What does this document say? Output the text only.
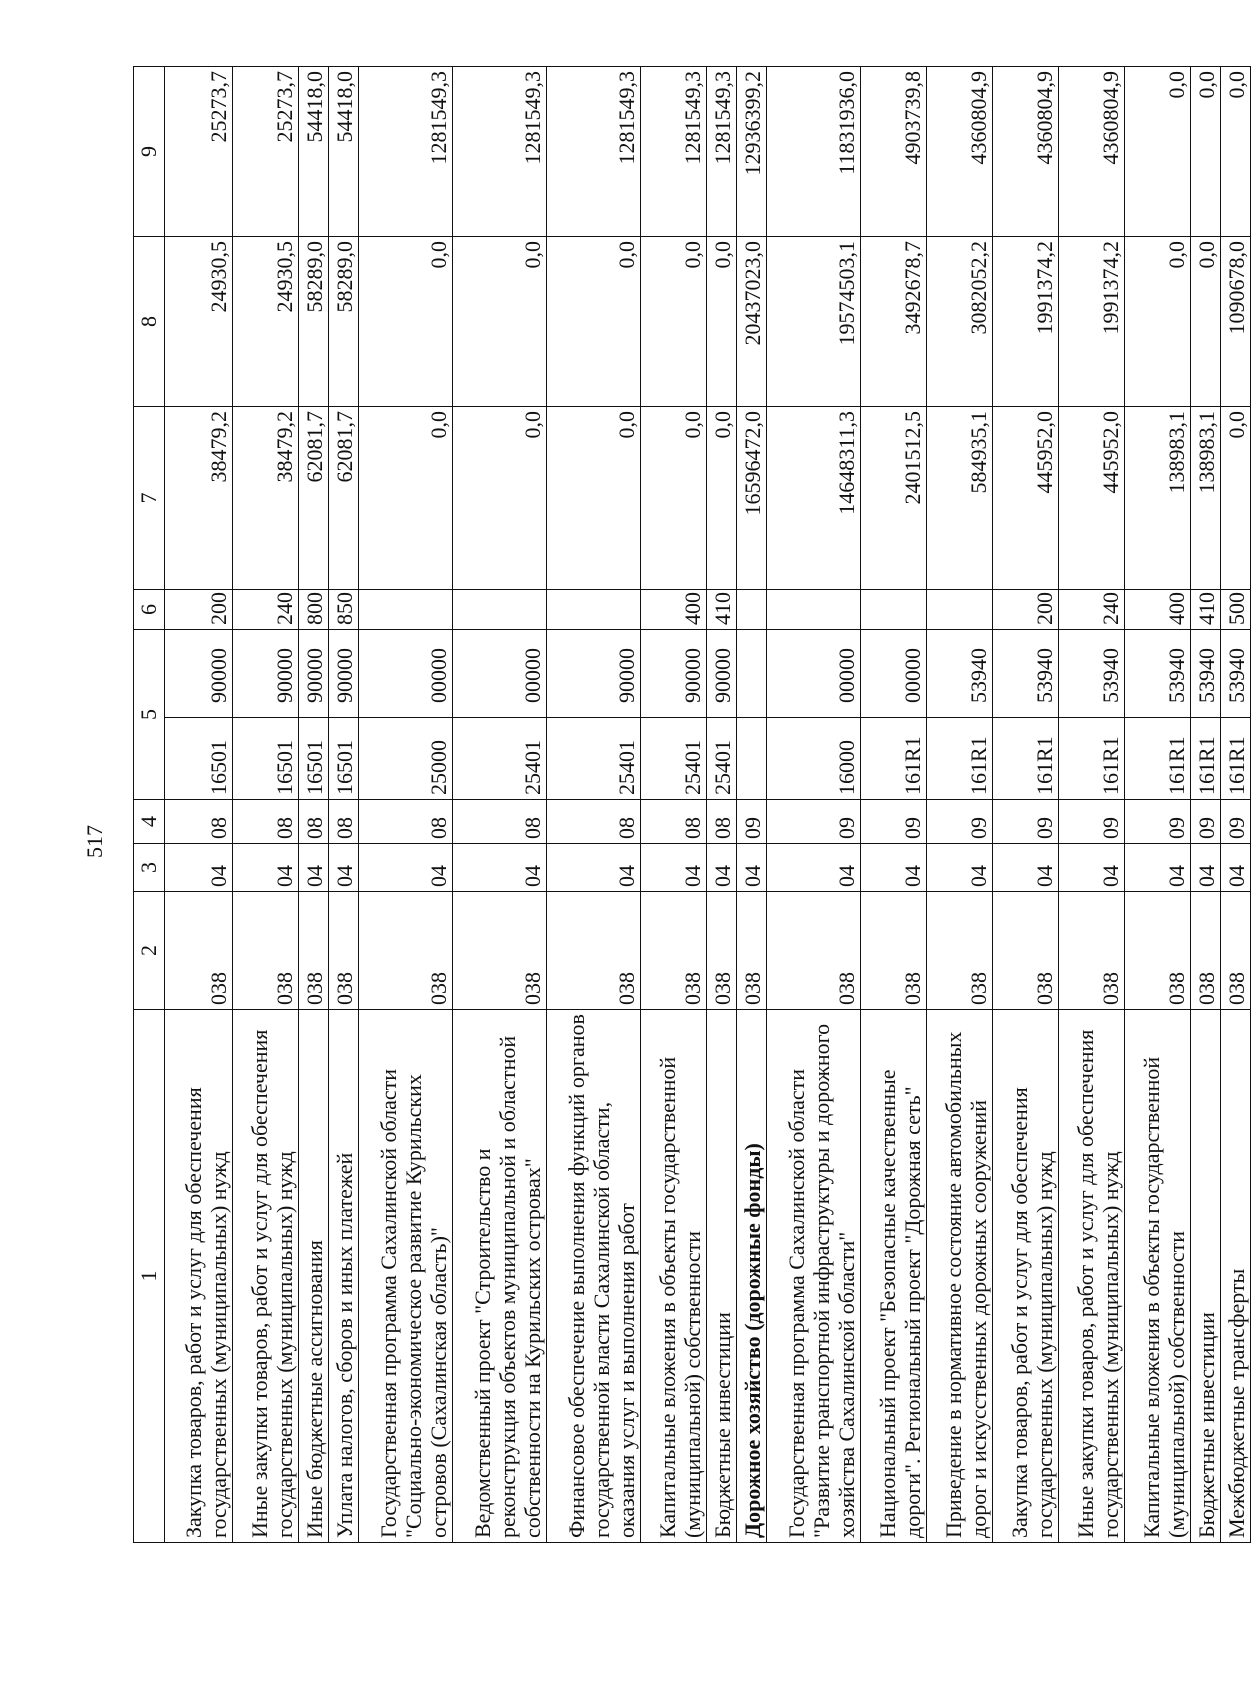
517
1	2	3	4	5		6	7	8	9
Закупка товаров, работ и услуг для обеспечения государственных (муниципальных) нужд	038	04	08	16501	90000	200	38479,2	24930,5	25273,7
Иные закупки товаров, работ и услуг для обеспечения государственных (муниципальных) нужд	038	04	08	16501	90000	240	38479,2	24930,5	25273,7
Иные бюджетные ассигнования	038	04	08	16501	90000	800	62081,7	58289,0	54418,0
Уплата налогов, сборов и иных платежей	038	04	08	16501	90000	850	62081,7	58289,0	54418,0
Государственная программа Сахалинской области "Социально-экономическое развитие Курильских островов (Сахалинская область)"	038	04	08	25000	00000		0,0	0,0	1281549,3
Ведомственный проект "Строительство и реконструкция объектов муниципальной и областной собственности на Курильских островах"	038	04	08	25401	00000		0,0	0,0	1281549,3
Финансовое обеспечение выполнения функций органов государственной власти Сахалинской области, оказания услуг и выполнения работ	038	04	08	25401	90000		0,0	0,0	1281549,3
Капитальные вложения в объекты государственной (муниципальной) собственности	038	04	08	25401	90000	400	0,0	0,0	1281549,3
Бюджетные инвестиции	038	04	08	25401	90000	410	0,0	0,0	1281549,3
Дорожное хозяйство (дорожные фонды)	038	04	09				16596472,0	20437023,0	12936399,2
Государственная программа Сахалинской области "Развитие транспортной инфраструктуры и дорожного хозяйства Сахалинской области"	038	04	09	16000	00000		14648311,3	19574503,1	11831936,0
Национальный проект "Безопасные качественные дороги". Региональный проект "Дорожная сеть"	038	04	09	161R1	00000		2401512,5	3492678,7	4903739,8
Приведение в нормативное состояние автомобильных дорог и искусственных дорожных сооружений	038	04	09	161R1	53940		584935,1	3082052,2	4360804,9
Закупка товаров, работ и услуг для обеспечения государственных (муниципальных) нужд	038	04	09	161R1	53940	200	445952,0	1991374,2	4360804,9
Иные закупки товаров, работ и услуг для обеспечения государственных (муниципальных) нужд	038	04	09	161R1	53940	240	445952,0	1991374,2	4360804,9
Капитальные вложения в объекты государственной (муниципальной) собственности	038	04	09	161R1	53940	400	138983,1	0,0	0,0
Бюджетные инвестиции	038	04	09	161R1	53940	410	138983,1	0,0	0,0
Межбюджетные трансферты	038	04	09	161R1	53940	500	0,0	1090678,0	0,0
